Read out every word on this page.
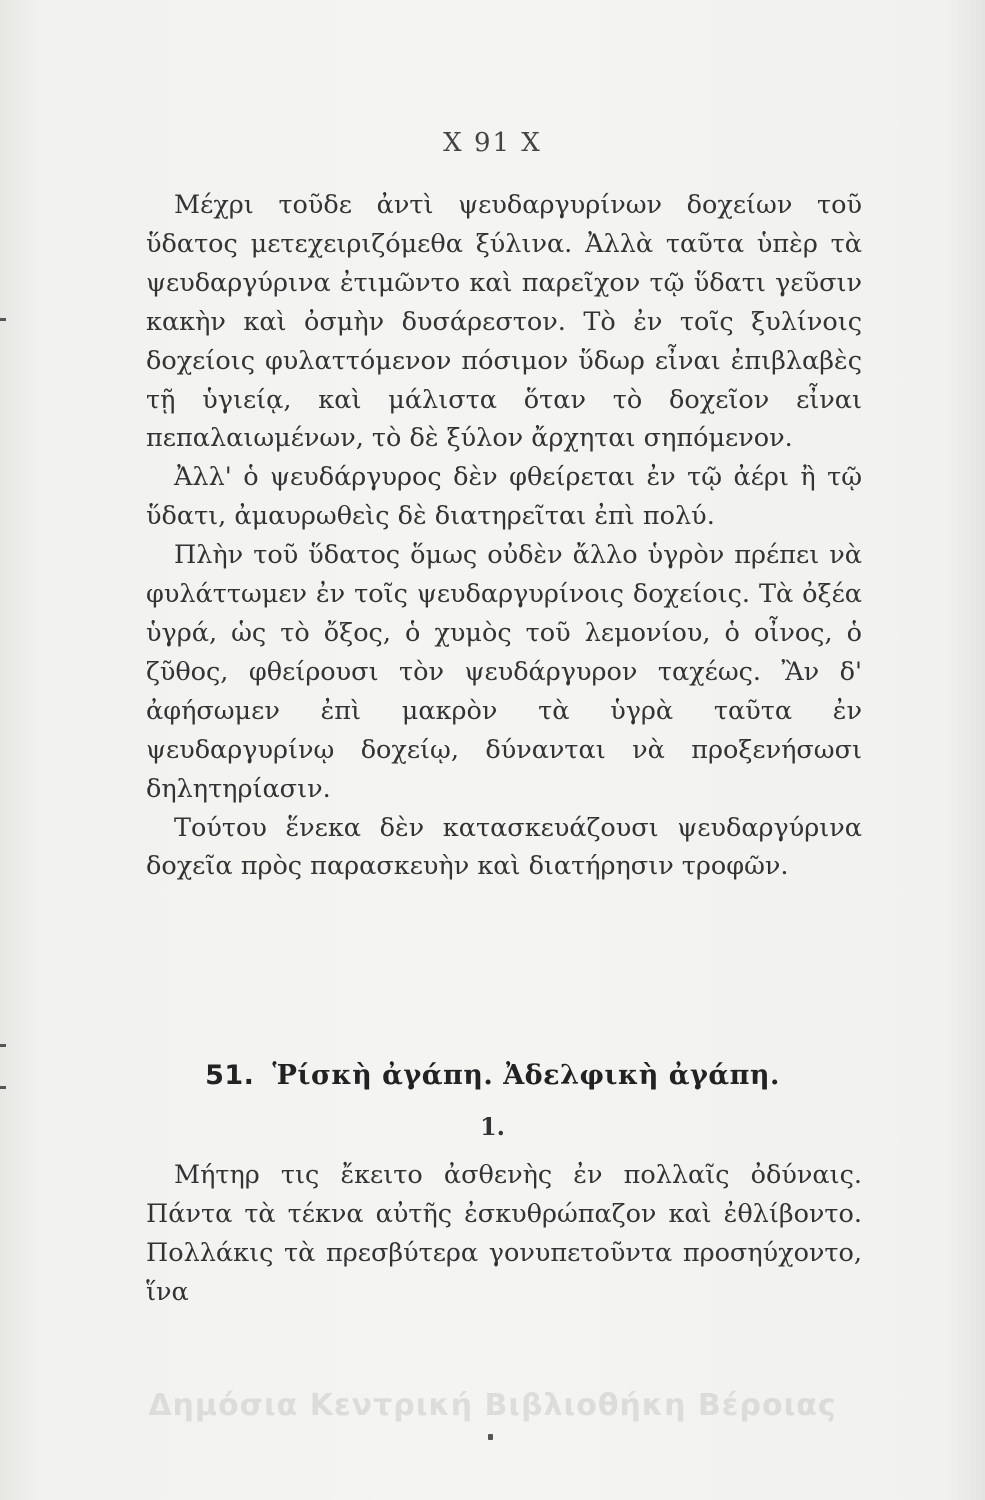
Χ 91 Χ

Μέχρι τοῦδε ἀντὶ ψευδαργυρίνων δοχείων τοῦ ὕδατος μετεχειριζόμεθα ξύλινα. Ἀλλὰ ταῦτα ὑπὲρ τὰ ψευδαργύρινα ἐτιμῶντο καὶ παρεῖχον τῷ ὕδατι γεῦσιν κακὴν καὶ ὀσμὴν δυσάρεστον. Τὸ ἐν τοῖς ξυλίνοις δοχείοις φυλαττόμενον πόσιμον ὕδωρ εἶναι ἐπιβλαβὲς τῇ ὑγιείᾳ, καὶ μάλιστα ὅταν τὸ δοχεῖον εἶναι πεπαλαιωμένων, τὸ δὲ ξύλον ἄρχηται σηπόμενον.

Ἀλλ' ὁ ψευδάργυρος δὲν φθείρεται ἐν τῷ ἀέρι ἢ τῷ ὕδατι, ἀμαυρωθεὶς δὲ διατηρεῖται ἐπὶ πολύ.

Πλὴν τοῦ ὕδατος ὅμως οὐδὲν ἄλλο ὑγρὸν πρέπει νὰ φυλάττωμεν ἐν τοῖς ψευδαργυρίνοις δοχείοις. Τὰ ὀξέα ὑγρά, ὡς τὸ ὄξος, ὁ χυμὸς τοῦ λεμονίου, ὁ οἶνος, ὁ ζῦθος, φθείρουσι τὸν ψευδάργυρον ταχέως. Ἂν δ' ἀφήσωμεν ἐπὶ μακρὸν τὰ ὑγρὰ ταῦτα ἐν ψευδαργυρίνῳ δοχείῳ, δύνανται νὰ προξενήσωσι δηλητηρίασιν.

Τούτου ἕνεκα δὲν κατασκευάζουσι ψευδαργύρινα δοχεῖα πρὸς παρασκευὴν καὶ διατήρησιν τροφῶν.

51. Ῥίσκὴ ἀγάπη. Ἀδελφικὴ ἀγάπη.
1.

Μήτηρ τις ἔκειτο ἀσθενὴς ἐν πολλαῖς ὀδύναις. Πάντα τὰ τέκνα αὐτῆς ἐσκυθρώπαζον καὶ ἐθλίβοντο. Πολλάκις τὰ πρεσβύτερα γονυπετοῦντα προσηύχοντο, ἵνα

Δημόσια Κεντρική Βιβλιοθήκη Βέροιας
